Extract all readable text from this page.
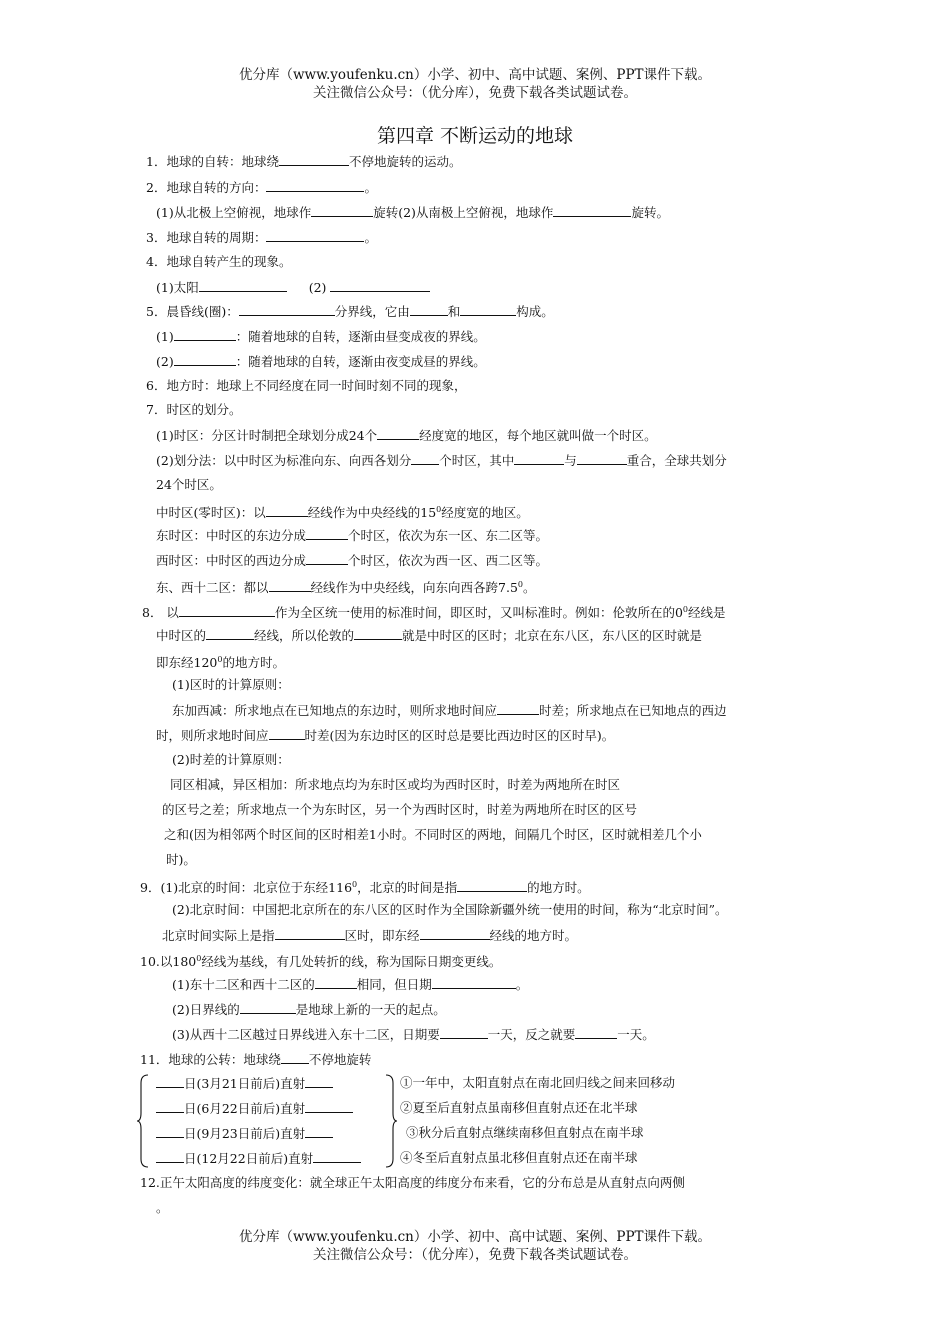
优分库（www.youfenku.cn）小学、初中、高中试题、案例、PPT课件下载。
关注微信公众号：（优分库），免费下载各类试题试卷。
第四章 不断运动的地球
1．地球的自转：地球绕	不停地旋转的运动。
2．地球自转的方向：	。
(1)从北极上空俯视，地球作	旋转(2)从南极上空俯视，地球作	旋转。
3．地球自转的周期：	。
4．地球自转产生的现象。
(1)太阳	(2)
5．晨昏线(圈)：	分界线，它由	和	构成。
(1)	：随着地球的自转，逐渐由昼变成夜的界线。
(2)	：随着地球的自转，逐渐由夜变成昼的界线。
6．地方时：地球上不同经度在同一时间时刻不同的现象，
7．时区的划分。
(1)时区：分区计时制把全球划分成24个	经度宽的地区，每个地区就叫做一个时区。
(2)划分法：以中时区为标准向东、向西各划分 个时区，其中	与	重合，全球共划分
24个时区。
中时区(零时区)：以	经线作为中央经线的$15^0$经度宽的地区。
东时区：中时区的东边分成	个时区，依次为东一区、东二区等。
西时区：中时区的西边分成	个时区，依次为西一区、西二区等。
东、西十二区：都以	经线作为中央经线，向东向西各跨$7.5^0$。
8． 以	作为全区统一使用的标准时间，即区时，又叫标准时。例如：伦敦所在的$0^0$经线是
中时区的	经线，所以伦敦的	就是中时区的区时；北京在东八区，东八区的区时就是
即东经$120^0$的地方时。
(1)区时的计算原则：
东加西减：所求地点在已知地点的东边时，则所求地时间应	时差；所求地点在已知地点的西边
时，则所求地时间应	时差(因为东边时区的区时总是要比西边时区的区时早)。
(2)时差的计算原则：
同区相减，异区相加：所求地点均为东时区或均为西时区时，时差为两地所在时区
的区号之差；所求地点一个为东时区，另一个为西时区时，时差为两地所在时区的区号
之和(因为相邻两个时区间的区时相差1小时。不同时区的两地，间隔几个时区，区时就相差几个小
时)。
9．(1)北京的时间：北京位于东经$116^0$，北京的时间是指	的地方时。
(2)北京时间：中国把北京所在的东八区的区时作为全国除新疆外统一使用的时间，称为“北京时间”。
北京时间实际上是指	区时，即东经	经线的地方时。
10.以$180^0$经线为基线，有几处转折的线，称为国际日期变更线。
(1)东十二区和西十二区的	相同，但日期	。
(2)日界线的	是地球上新的一天的起点。
(3)从西十二区越过日界线进入东十二区，日期要	一天，反之就要	一天。
11．地球的公转：地球绕 不停地旋转
日(3月21日前后)直射
日(6月22日前后)直射
日(9月23日前后)直射
日(12月22日前后)直射
①一年中，太阳直射点在南北回归线之间来回移动
②夏至后直射点虽南移但直射点还在北半球
③秋分后直射点继续南移但直射点在南半球
④冬至后直射点虽北移但直射点还在南半球
12.正午太阳高度的纬度变化：就全球正午太阳高度的纬度分布来看，它的分布总是从直射点向两侧
。
优分库（www.youfenku.cn）小学、初中、高中试题、案例、PPT课件下载。
关注微信公众号：（优分库），免费下载各类试题试卷。
